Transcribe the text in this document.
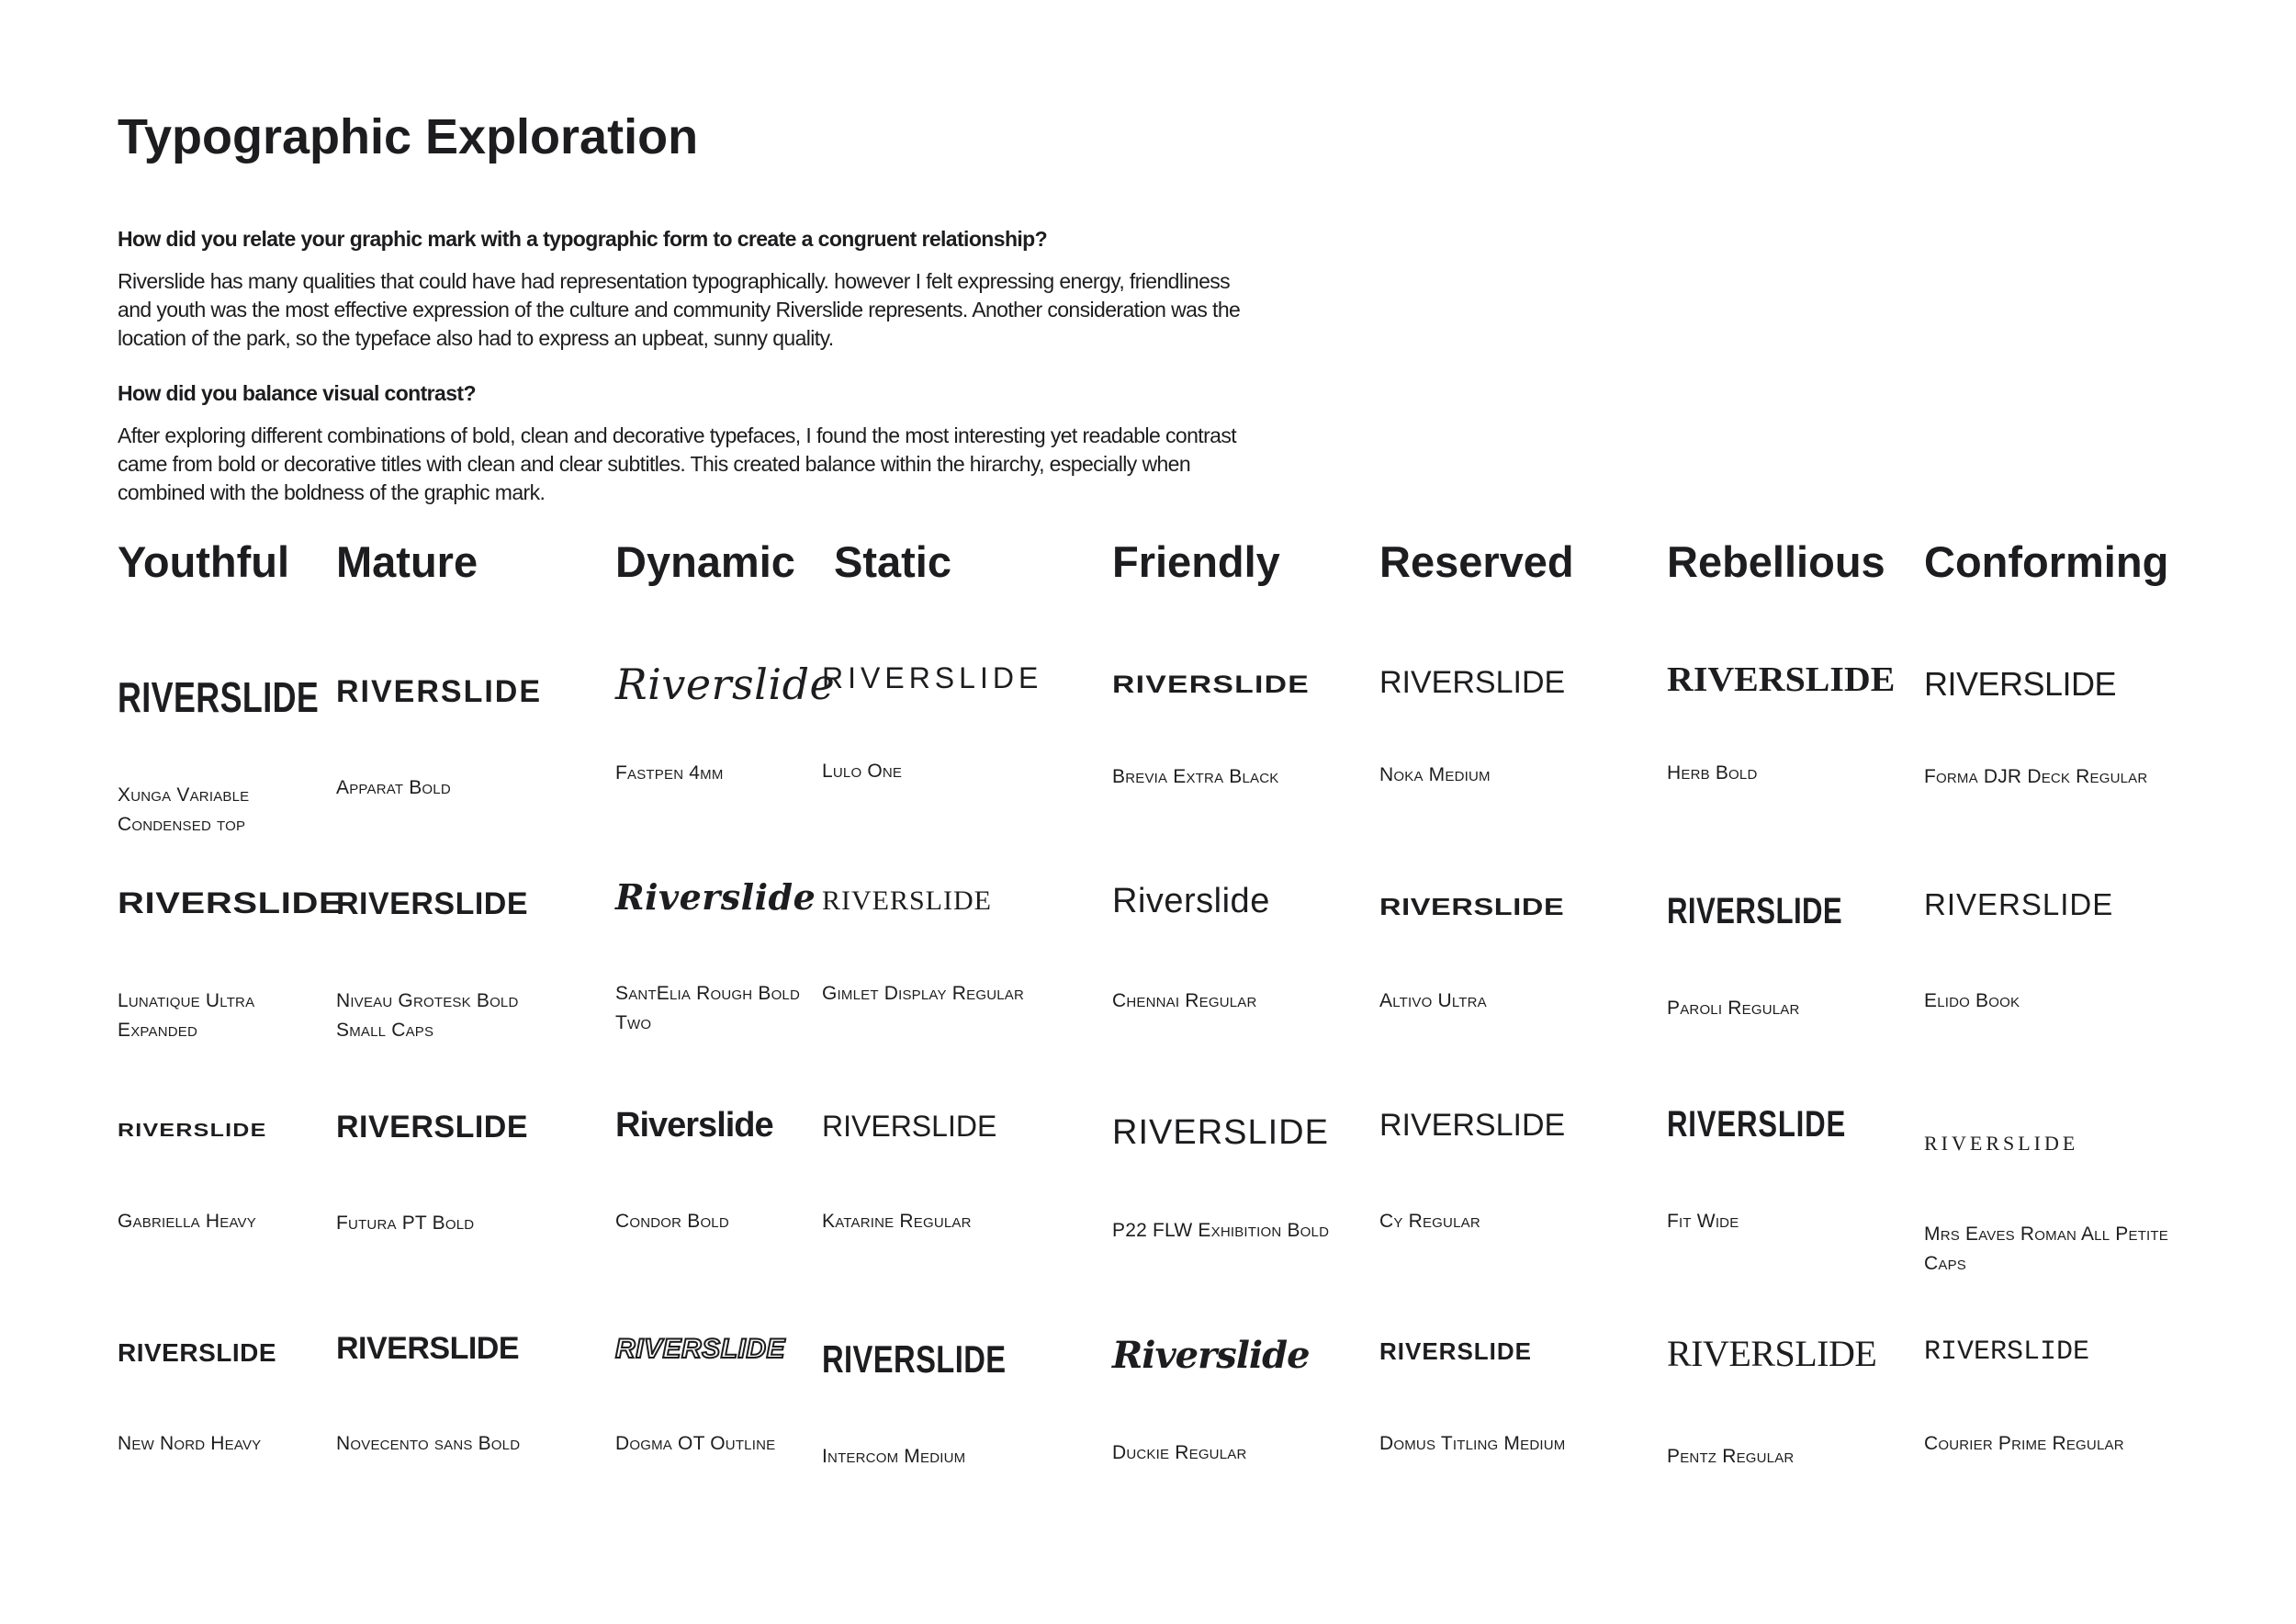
Typographic Exploration

How did you relate your graphic mark with a typographic form to create a congruent relationship?

Riverslide has many qualities that could have had representation typographically. however I felt expressing energy, friendliness and youth was the most effective expression of the culture and community Riverslide represents. Another consideration was the location of the park, so the typeface also had to express an upbeat, sunny quality.

How did you balance visual contrast?

After exploring different combinations of bold, clean and decorative typefaces, I found the most interesting yet readable contrast came from bold or decorative titles with clean and clear subtitles. This created balance within the hirarchy, especially when combined with the boldness of the graphic mark.

Youthful Mature	Dynamic Static	Friendly Reserved Rebellious Conforming
RIVERSLIDE
Xunga Variable Condensed top
RIVERSLIDE
Lunatique Ultra Expanded
RIVERSLIDE
Gabriella Heavy
RIVERSLIDE
New Nord Heavy
RIVERSLIDE
Apparat Bold
RIVERSLIDE
Niveau Grotesk Bold Small Caps
RIVERSLIDE
Futura PT Bold
RIVERSLIDE
Novecento sans Bold
Riverslide
Fastpen 4mm
Riverslide
SantElia Rough Bold Two
Riverslide
Condor Bold
RIVERSLIDE
Dogma OT Outline
RIVERSLIDE
Lulo One
RIVERSLIDE
Gimlet Display Regular
RIVERSLIDE
Katarine Regular
RIVERSLIDE
Intercom Medium
RIVERSLIDE
Brevia Extra Black
Riverslide
Chennai Regular
RIVERSLIDE
P22 FLW Exhibition Bold
Riverslide
Duckie Regular
RIVERSLIDE
Noka Medium
RIVERSLIDE
Altivo Ultra
RIVERSLIDE
Cy Regular
RIVERSLIDE
Domus Titling Medium
RIVERSLIDE
Herb Bold
RIVERSLIDE
Paroli Regular
RIVERSLIDE
Fit Wide
RIVERSLIDE
Pentz Regular
RIVERSLIDE
Forma DJR Deck Regular
RIVERSLIDE
Elido Book
RIVERSLIDE
Mrs Eaves Roman All Petite Caps
RIVERSLIDE
Courier Prime Regular
